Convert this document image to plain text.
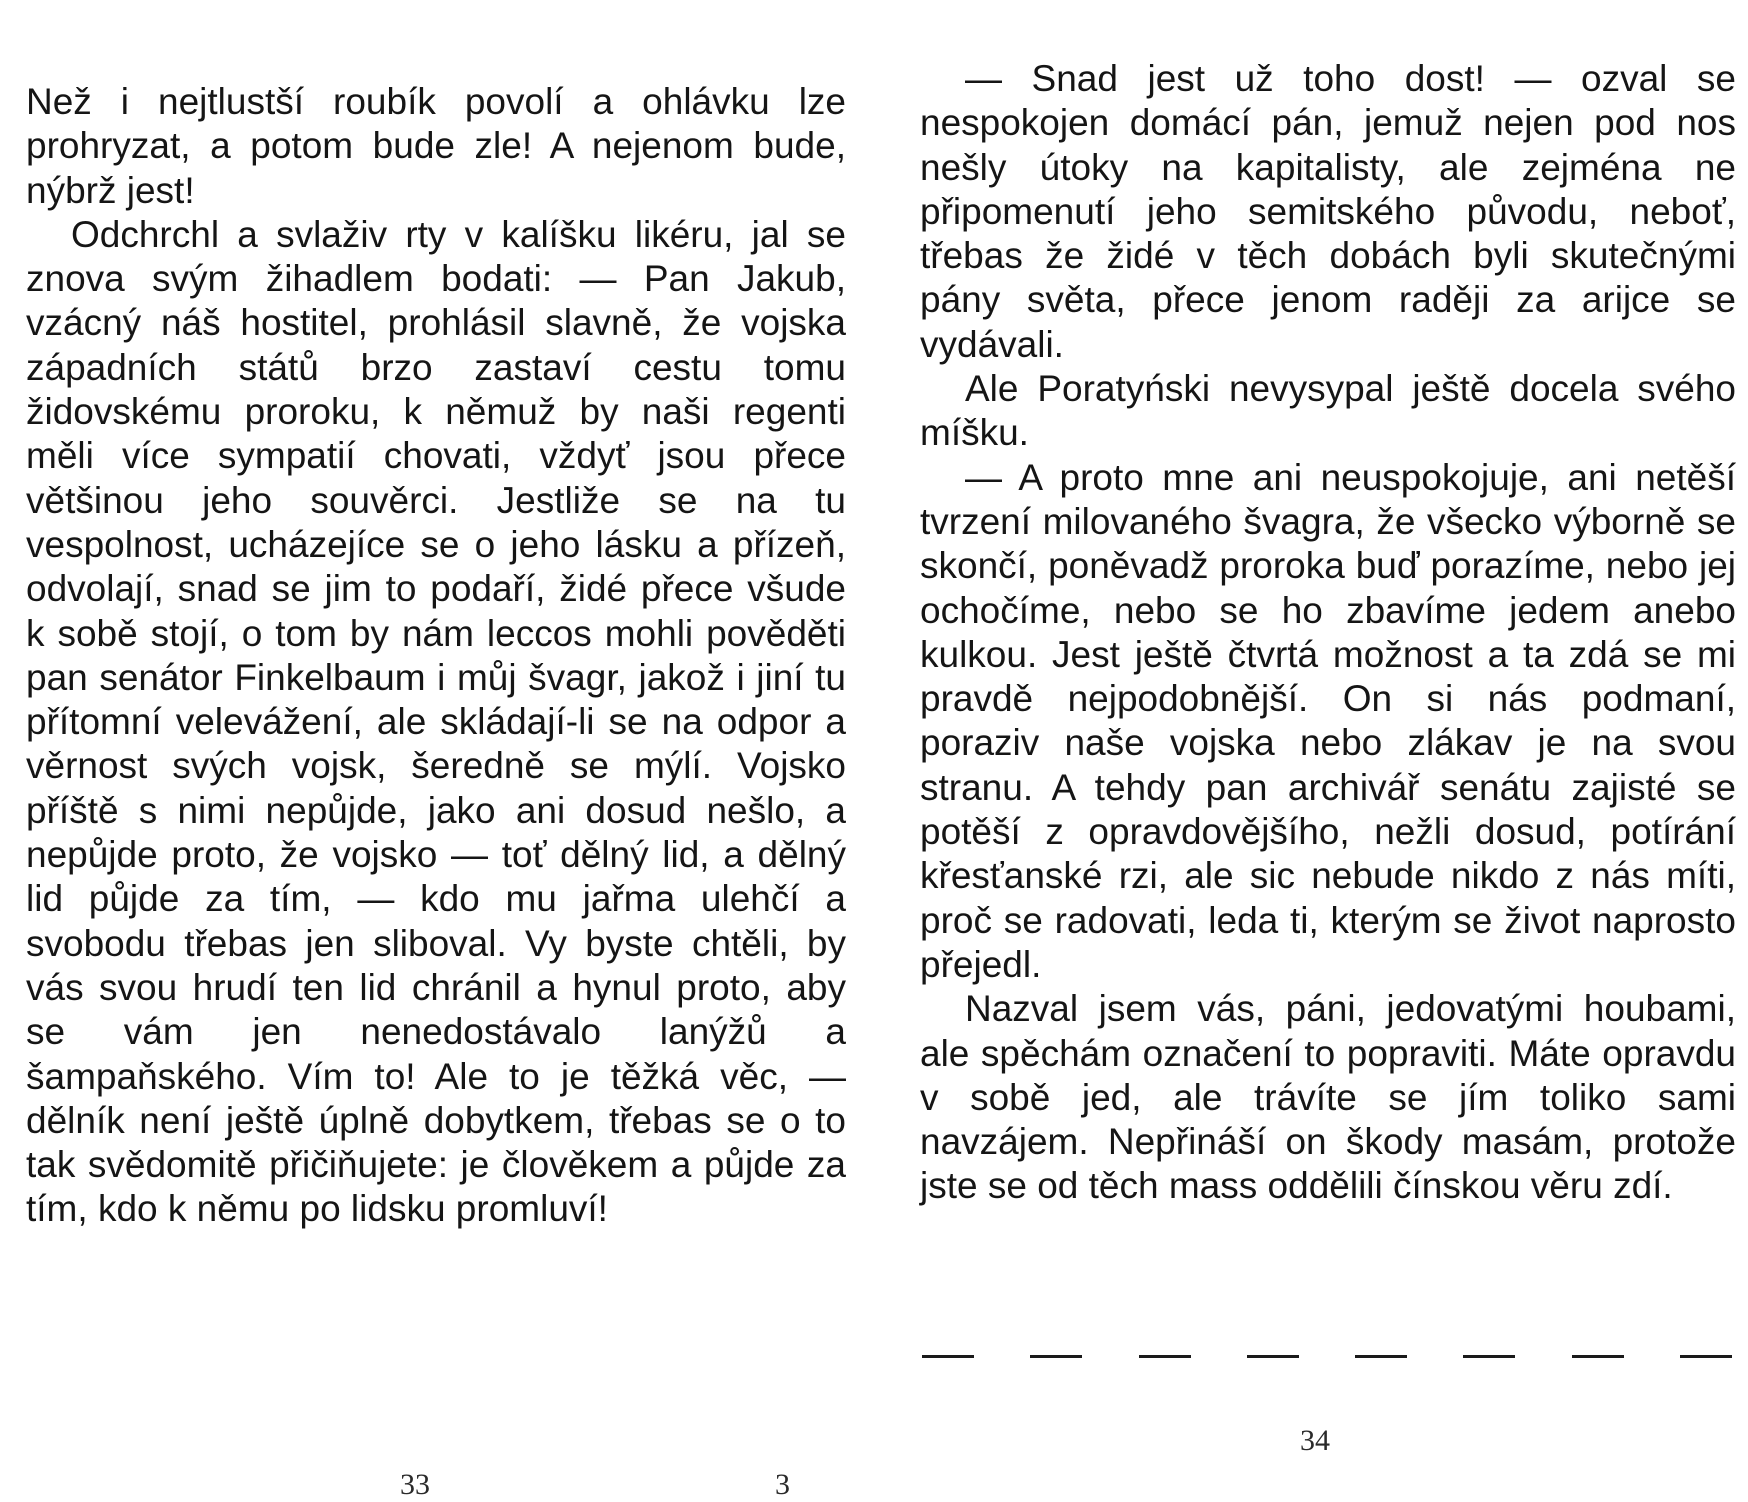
Než i nejtlustší roubík povolí a ohlávku lze prohryzat, a potom bude zle! A nejenom bude, nýbrž jest!

Odchrchl a svlaživ rty v kalíšku likéru, jal se znova svým žihadlem bodati: — Pan Jakub, vzácný náš hostitel, prohlásil slavně, že vojska západních států brzo zastaví cestu tomu židovskému proroku, k němuž by naši regenti měli více sympatií chovati, vždyť jsou přece většinou jeho souvěrci. Jestliže se na tu vespolnost, ucházejíce se o jeho lásku a přízeň, odvolají, snad se jim to podaří, židé přece všude k sobě stojí, o tom by nám leccos mohli pověděti pan senátor Finkelbaum i můj švagr, jakož i jiní tu přítomní velevážení, ale skládají-li se na odpor a věrnost svých vojsk, šeredně se mýlí. Vojsko příště s nimi nepůjde, jako ani dosud nešlo, a nepůjde proto, že vojsko — toť dělný lid, a dělný lid půjde za tím, — kdo mu jařma ulehčí a svobodu třebas jen sliboval. Vy byste chtěli, by vás svou hrudí ten lid chránil a hynul proto, aby se vám jen nenedostávalo lanýžů a šampaňského. Vím to! Ale to je těžká věc, — dělník není ještě úplně dobytkem, třebas se o to tak svědomitě přičiňujete: je člověkem a půjde za tím, kdo k němu po lidsku promluví!

33	3

— Snad jest už toho dost! — ozval se nespokojen domácí pán, jemuž nejen pod nos nešly útoky na kapitalisty, ale zejména ne připomenutí jeho semitského původu, neboť, třebas že židé v těch dobách byli skutečnými pány světa, přece jenom raději za arijce se vydávali.

Ale Poratyński nevysypal ještě docela svého míšku.

— A proto mne ani neuspokojuje, ani netěší tvrzení milovaného švagra, že všecko výborně se skončí, poněvadž proroka buď porazíme, nebo jej ochočíme, nebo se ho zbavíme jedem anebo kulkou. Jest ještě čtvrtá možnost a ta zdá se mi pravdě nejpodobnější. On si nás podmaní, poraziv naše vojska nebo zlákav je na svou stranu. A tehdy pan archivář senátu zajisté se potěší z opravdovějšího, nežli dosud, potírání křesťanské rzi, ale sic nebude nikdo z nás míti, proč se radovati, leda ti, kterým se život naprosto přejedl.

Nazval jsem vás, páni, jedovatými houbami, ale spěchám označení to popraviti. Máte opravdu v sobě jed, ale trávíte se jím toliko sami navzájem. Nepřináší on škody masám, protože jste se od těch mass oddělili čínskou věru zdí.

34
